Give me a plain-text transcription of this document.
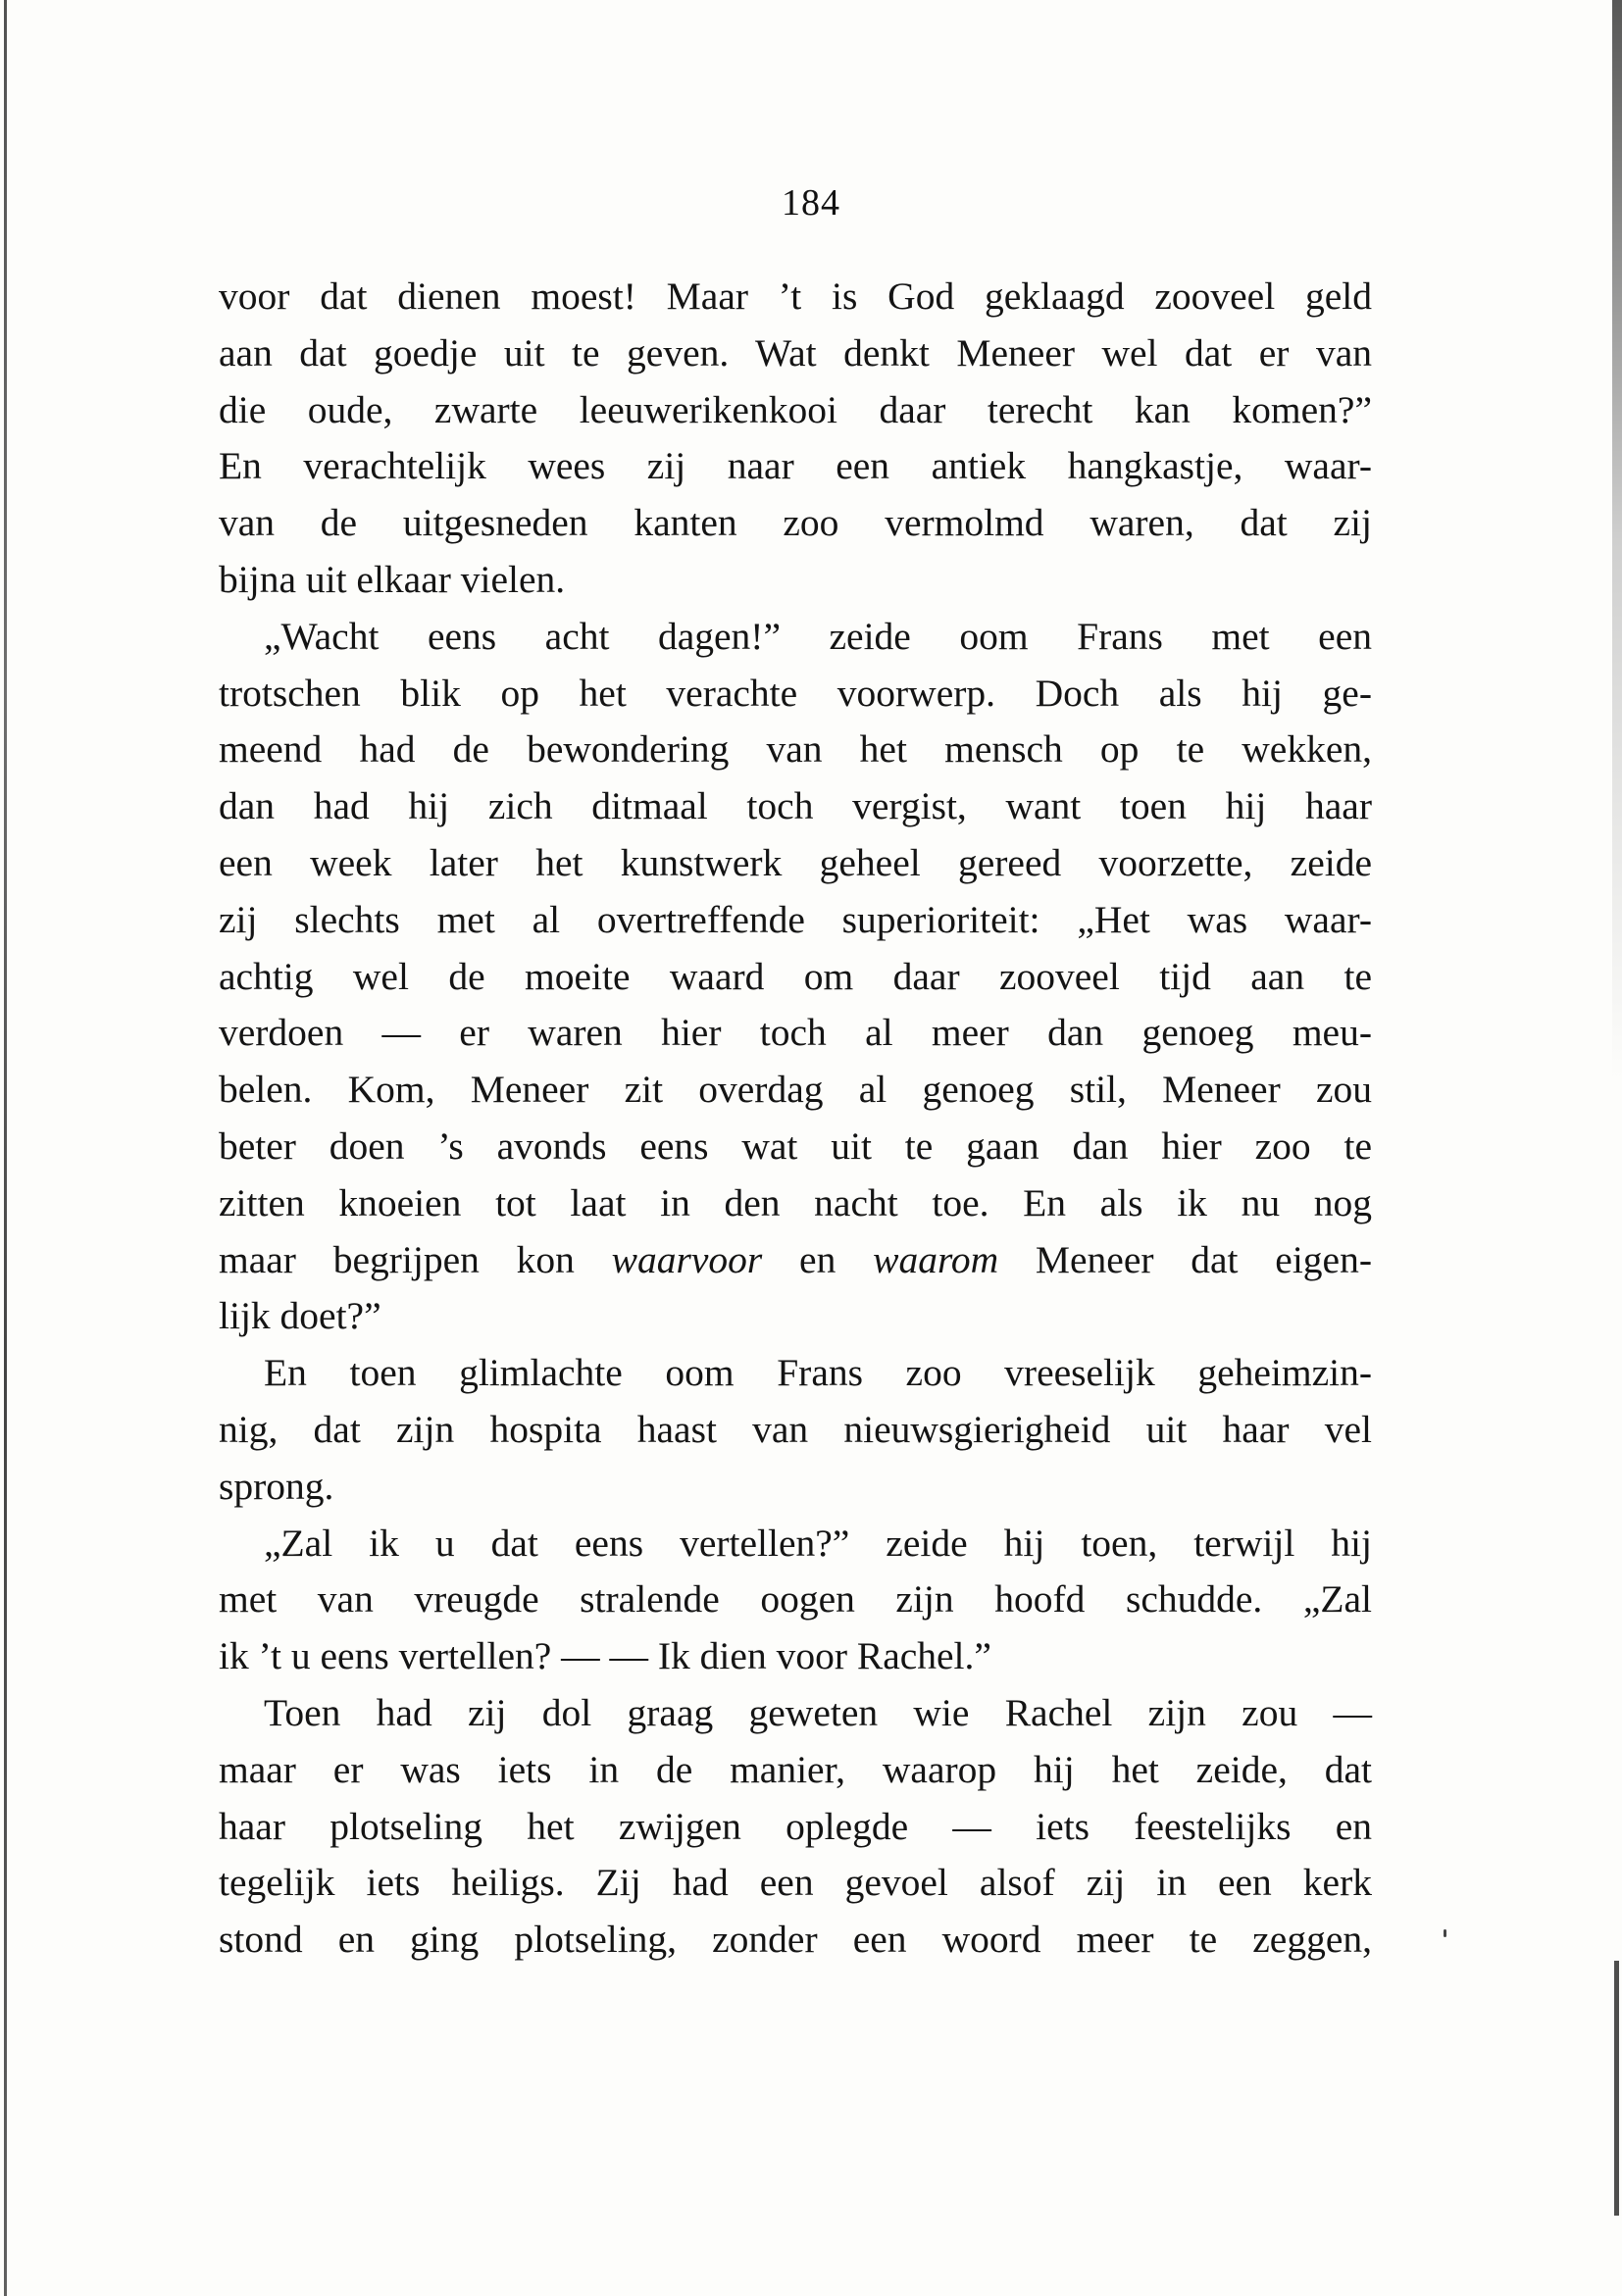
184
voor dat dienen moest! Maar ’t is God geklaagd zooveel geld
aan dat goedje uit te geven. Wat denkt Meneer wel dat er van
die oude, zwarte leeuwerikenkooi daar terecht kan komen?”
En verachtelijk wees zij naar een antiek hangkastje, waar-
van de uitgesneden kanten zoo vermolmd waren, dat zij
bijna uit elkaar vielen.
„Wacht eens acht dagen!” zeide oom Frans met een
trotschen blik op het verachte voorwerp. Doch als hij ge-
meend had de bewondering van het mensch op te wekken,
dan had hij zich ditmaal toch vergist, want toen hij haar
een week later het kunstwerk geheel gereed voorzette, zeide
zij slechts met al overtreffende superioriteit: „Het was waar-
achtig wel de moeite waard om daar zooveel tijd aan te
verdoen — er waren hier toch al meer dan genoeg meu-
belen. Kom, Meneer zit overdag al genoeg stil, Meneer zou
beter doen ’s avonds eens wat uit te gaan dan hier zoo te
zitten knoeien tot laat in den nacht toe. En als ik nu nog
maar begrijpen kon waarvoor en waarom Meneer dat eigen-
lijk doet?”
En toen glimlachte oom Frans zoo vreeselijk geheimzin-
nig, dat zijn hospita haast van nieuwsgierigheid uit haar vel
sprong.
„Zal ik u dat eens vertellen?” zeide hij toen, terwijl hij
met van vreugde stralende oogen zijn hoofd schudde. „Zal
ik ’t u eens vertellen? — — Ik dien voor Rachel.”
Toen had zij dol graag geweten wie Rachel zijn zou —
maar er was iets in de manier, waarop hij het zeide, dat
haar plotseling het zwijgen oplegde — iets feestelijks en
tegelijk iets heiligs. Zij had een gevoel alsof zij in een kerk
stond en ging plotseling, zonder een woord meer te zeggen,
